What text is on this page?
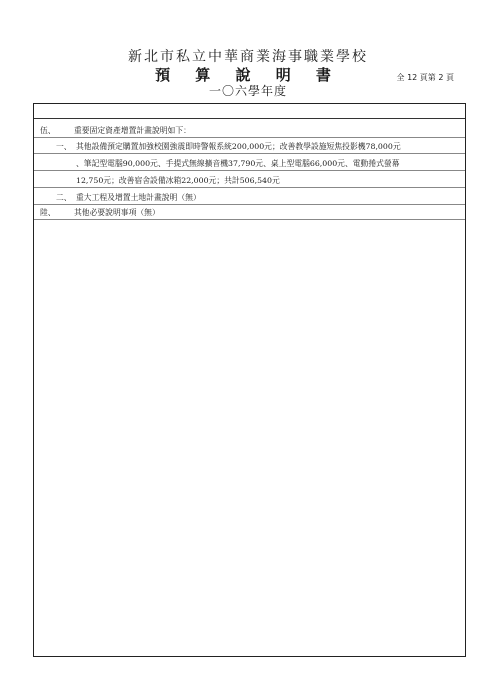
新北市私立中華商業海事職業學校
預 算 說 明 書
一〇六學年度
全 12 頁第 2 頁
伍、 重要固定資產增置計畫說明如下：
一、 其他設備預定購置加強校園強震即時警報系統200,000元；改善教學設施短焦投影機78,000元
、筆記型電腦90,000元、手提式無線擴音機37,790元、桌上型電腦66,000元、電動捲式螢幕
12,750元；改善宿舍設備冰箱22,000元；共計506,540元
二、 重大工程及增置土地計畫說明（無）
陸、 其他必要說明事項（無）
